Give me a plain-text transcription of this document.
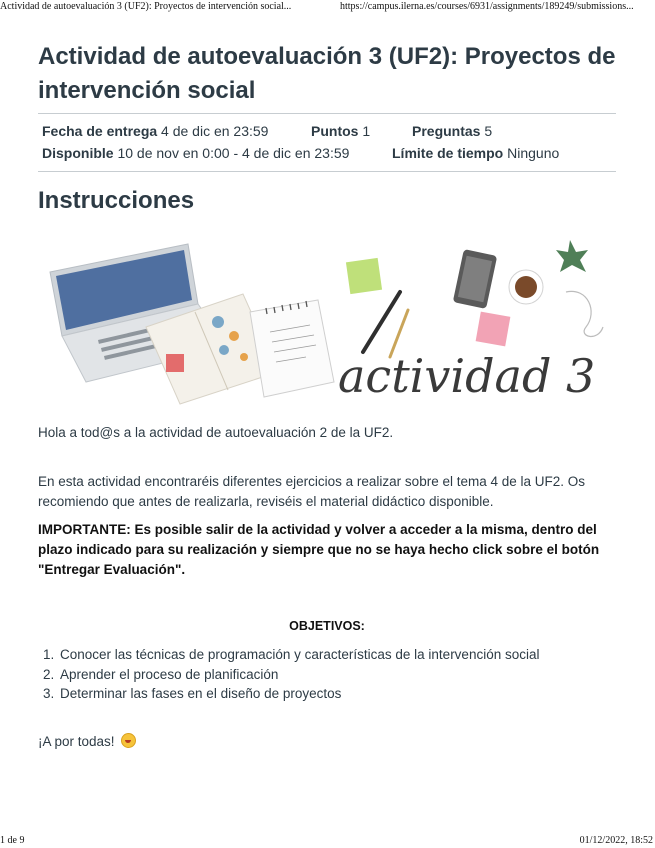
Actividad de autoevaluación 3 (UF2): Proyectos de intervención social...	https://campus.ilerna.es/courses/6931/assignments/189249/submissions...
Actividad de autoevaluación 3 (UF2): Proyectos de intervención social
Fecha de entrega 4 de dic en 23:59	Puntos 1	Preguntas 5
Disponible 10 de nov en 0:00 - 4 de dic en 23:59	Límite de tiempo Ninguno
Instrucciones
actividad 3

Hola a tod@s a la actividad de autoevaluación 2 de la UF2.

En esta actividad encontraréis diferentes ejercicios a realizar sobre el tema 4 de la UF2. Os recomiendo que antes de realizarla, reviséis el material didáctico disponible.

IMPORTANTE: Es posible salir de la actividad y volver a acceder a la misma, dentro del plazo indicado para su realización y siempre que no se haya hecho click sobre el botón "Entregar Evaluación".

OBJETIVOS:
1. Conocer las técnicas de programación y características de la intervención social
2. Aprender el proceso de planificación
3. Determinar las fases en el diseño de proyectos

¡A por todas!

1 de 9	01/12/2022, 18:52
